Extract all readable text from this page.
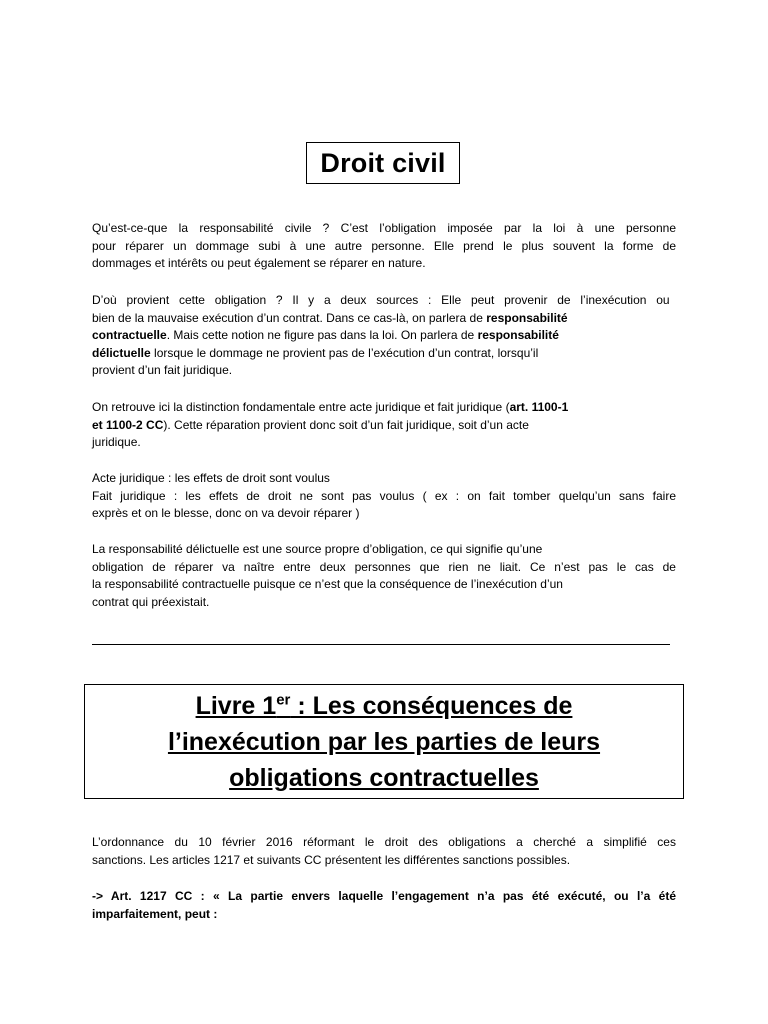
Droit civil

Qu’est-ce-que la responsabilité civile ? C’est l’obligation imposée par la loi à une personne
pour réparer un dommage subi à une autre personne. Elle prend le plus souvent la forme de
dommages et intérêts ou peut également se réparer en nature.

D’où provient cette obligation ? Il y a deux sources : Elle peut provenir de l’inexécution ou
bien de la mauvaise exécution d’un contrat. Dans ce cas-là, on parlera de responsabilité
contractuelle. Mais cette notion ne figure pas dans la loi. On parlera de responsabilité
délictuelle lorsque le dommage ne provient pas de l’exécution d’un contrat, lorsqu’il
provient d’un fait juridique.

On retrouve ici la distinction fondamentale entre acte juridique et fait juridique (art. 1100-1
et 1100-2 CC). Cette réparation provient donc soit d’un fait juridique, soit d’un acte
juridique.

Acte juridique : les effets de droit sont voulus
Fait juridique : les effets de droit ne sont pas voulus ( ex : on fait tomber quelqu’un sans faire
exprès et on le blesse, donc on va devoir réparer )

La responsabilité délictuelle est une source propre d’obligation, ce qui signifie qu’une
obligation de réparer va naître entre deux personnes que rien ne liait. Ce n’est pas le cas de
la responsabilité contractuelle puisque ce n’est que la conséquence de l’inexécution d’un
contrat qui préexistait.

Livre 1er : Les conséquences de
l’inexécution par les parties de leurs
obligations contractuelles

L’ordonnance du 10 février 2016 réformant le droit des obligations a cherché a simplifié ces
sanctions. Les articles 1217 et suivants CC présentent les différentes sanctions possibles.

-> Art. 1217 CC : « La partie envers laquelle l’engagement n’a pas été exécuté, ou l’a été
imparfaitement, peut :
